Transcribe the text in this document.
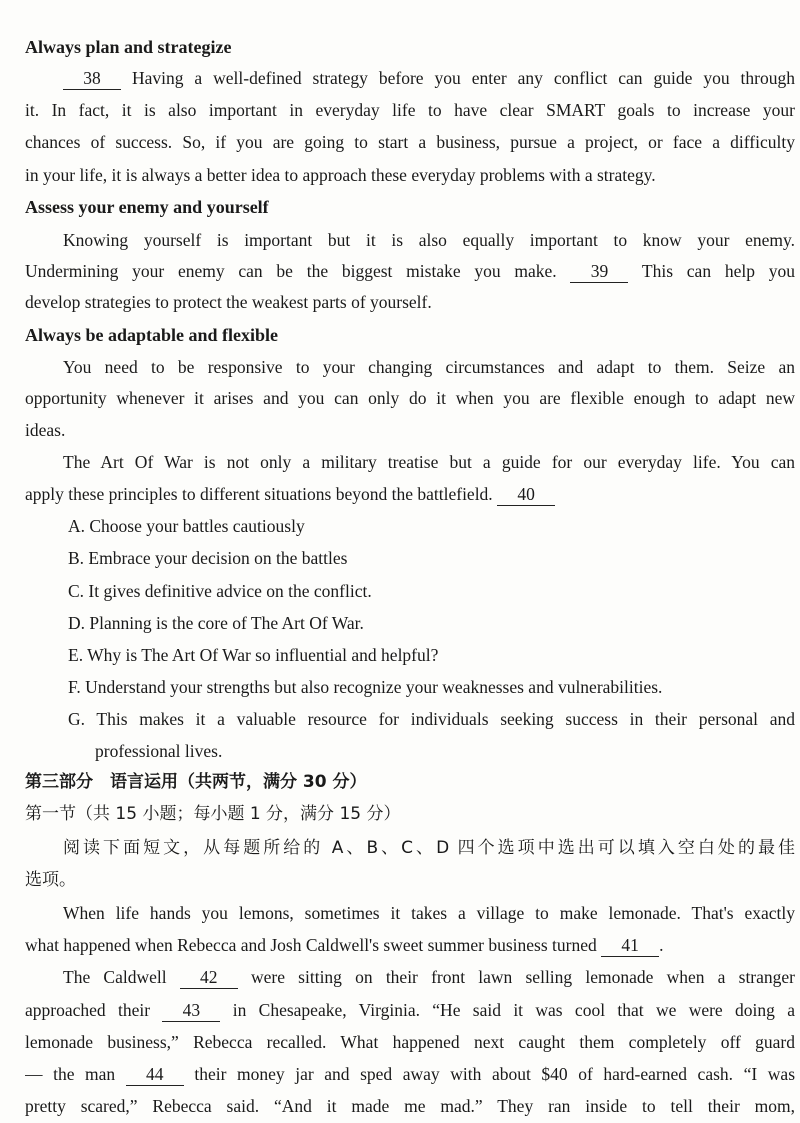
Always plan and strategize
38 Having a well-defined strategy before you enter any conflict can guide you through
it. In fact, it is also important in everyday life to have clear SMART goals to increase your
chances of success. So, if you are going to start a business, pursue a project, or face a difficulty
in your life, it is always a better idea to approach these everyday problems with a strategy.
Assess your enemy and yourself
Knowing yourself is important but it is also equally important to know your enemy.
Undermining your enemy can be the biggest mistake you make. 39 This can help you
develop strategies to protect the weakest parts of yourself.
Always be adaptable and flexible
You need to be responsive to your changing circumstances and adapt to them. Seize an
opportunity whenever it arises and you can only do it when you are flexible enough to adapt new
ideas.
The Art Of War is not only a military treatise but a guide for our everyday life. You can
apply these principles to different situations beyond the battlefield. 40
A. Choose your battles cautiously
B. Embrace your decision on the battles
C. It gives definitive advice on the conflict.
D. Planning is the core of The Art Of War.
E. Why is The Art Of War so influential and helpful?
F. Understand your strengths but also recognize your weaknesses and vulnerabilities.
G. This makes it a valuable resource for individuals seeking success in their personal and
professional lives.
第三部分　语言运用（共两节，满分 30 分）
第一节（共 15 小题；每小题 1 分，满分 15 分）
阅读下面短文，从每题所给的 A、B、C、D 四个选项中选出可以填入空白处的最佳
选项。
When life hands you lemons, sometimes it takes a village to make lemonade. That's exactly
what happened when Rebecca and Josh Caldwell's sweet summer business turned 41 .
The Caldwell 42 were sitting on their front lawn selling lemonade when a stranger
approached their 43 in Chesapeake, Virginia. “He said it was cool that we were doing a
lemonade business,” Rebecca recalled. What happened next caught them completely off guard
— the man 44 their money jar and sped away with about $40 of hard-earned cash. “I was
pretty scared,” Rebecca said. “And it made me mad.” They ran inside to tell their mom,
